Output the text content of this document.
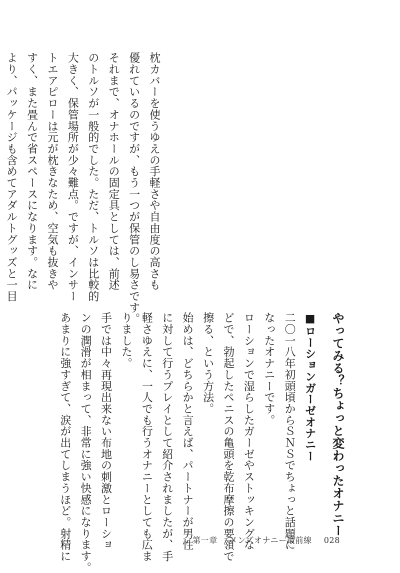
枕カバーを使うゆえの手軽さや自由度の高さも

優れているのですが、もう一つが保管のし易さです。

それまで、オナホールの固定具としては、前述

のトルソが一般的でした。ただ、トルソは比較的

大きく、保管場所が少々難点。ですが、インサー

トエアピローは元が枕きなため、空気も抜きや

すく、また畳んで省スペースになります。なに

より、パッケージも含めてアダルトグッズと一目

やってみる？ちょっと変わったオナニー

■ローションガーゼオナニー

二〇一八年初頭頃からＳＮＳでちょっと話題に

なったオナニーです。

ローションで湿らしたガーゼやストッキングな

どで、勃起したペニスの亀頭を乾布摩擦の要領で

擦る、という方法。

始めは、どちらかと言えば、パートナーが男性

に対して行うプレイとして紹介されましたが、手

軽さゆえに、一人でも行うオナニーとしても広ま

りました。

手では中々再現出来ない布地の刺激とローショ

ンの潤滑が相まって、非常に強い快感になります。

あまりに強すぎて、涙が出てしまうほど。射精に	第一章 メンズオナニー最前線 028
